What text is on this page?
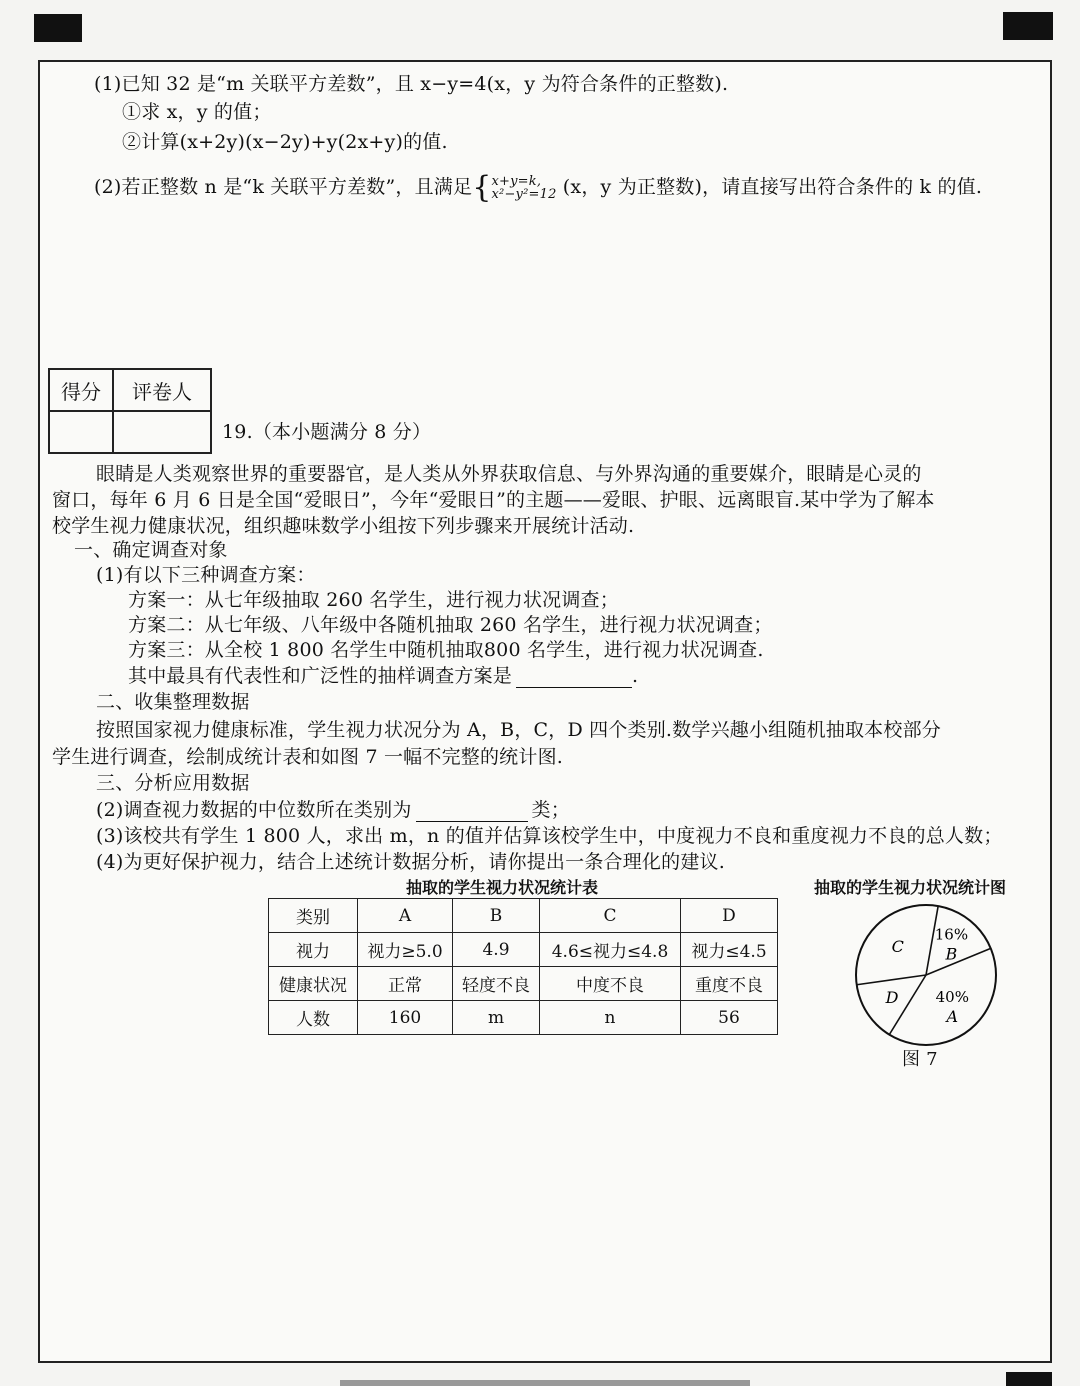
(1)已知 32 是“m 关联平方差数”，且 x−y=4(x，y 为符合条件的正整数).
①求 x，y 的值；
②计算(x+2y)(x−2y)+y(2x+y)的值.
(2)若正整数 n 是“k 关联平方差数”，且满足{x+y=k,
x²−y²=12 (x，y 为正整数)，请直接写出符合条件的 k 的值.
得分	评卷人

19.（本小题满分 8 分）
眼睛是人类观察世界的重要器官，是人类从外界获取信息、与外界沟通的重要媒介，眼睛是心灵的
窗口，每年 6 月 6 日是全国“爱眼日”，今年“爱眼日”的主题——爱眼、护眼、远离眼盲.某中学为了解本
校学生视力健康状况，组织趣味数学小组按下列步骤来开展统计活动.
一、确定调查对象
(1)有以下三种调查方案：
方案一：从七年级抽取 260 名学生，进行视力状况调查；
方案二：从七年级、八年级中各随机抽取 260 名学生，进行视力状况调查；
方案三：从全校 1 800 名学生中随机抽取800 名学生，进行视力状况调查.
其中最具有代表性和广泛性的抽样调查方案是	.
二、收集整理数据
按照国家视力健康标准，学生视力状况分为 A，B，C，D 四个类别.数学兴趣小组随机抽取本校部分
学生进行调查，绘制成统计表和如图 7 一幅不完整的统计图.
三、分析应用数据
(2)调查视力数据的中位数所在类别为	类；
(3)该校共有学生 1 800 人，求出 m，n 的值并估算该校学生中，中度视力不良和重度视力不良的总人数；
(4)为更好保护视力，结合上述统计数据分析，请你提出一条合理化的建议.
抽取的学生视力状况统计表
类别	A	B	C	D
视力	视力≥5.0	4.9	4.6≤视力≤4.8	视力≤4.5
健康状况	正常	轻度不良	中度不良	重度不良
人数	160	m	n	56
抽取的学生视力状况统计图
16%
B
40%
A
D
C
图 7
